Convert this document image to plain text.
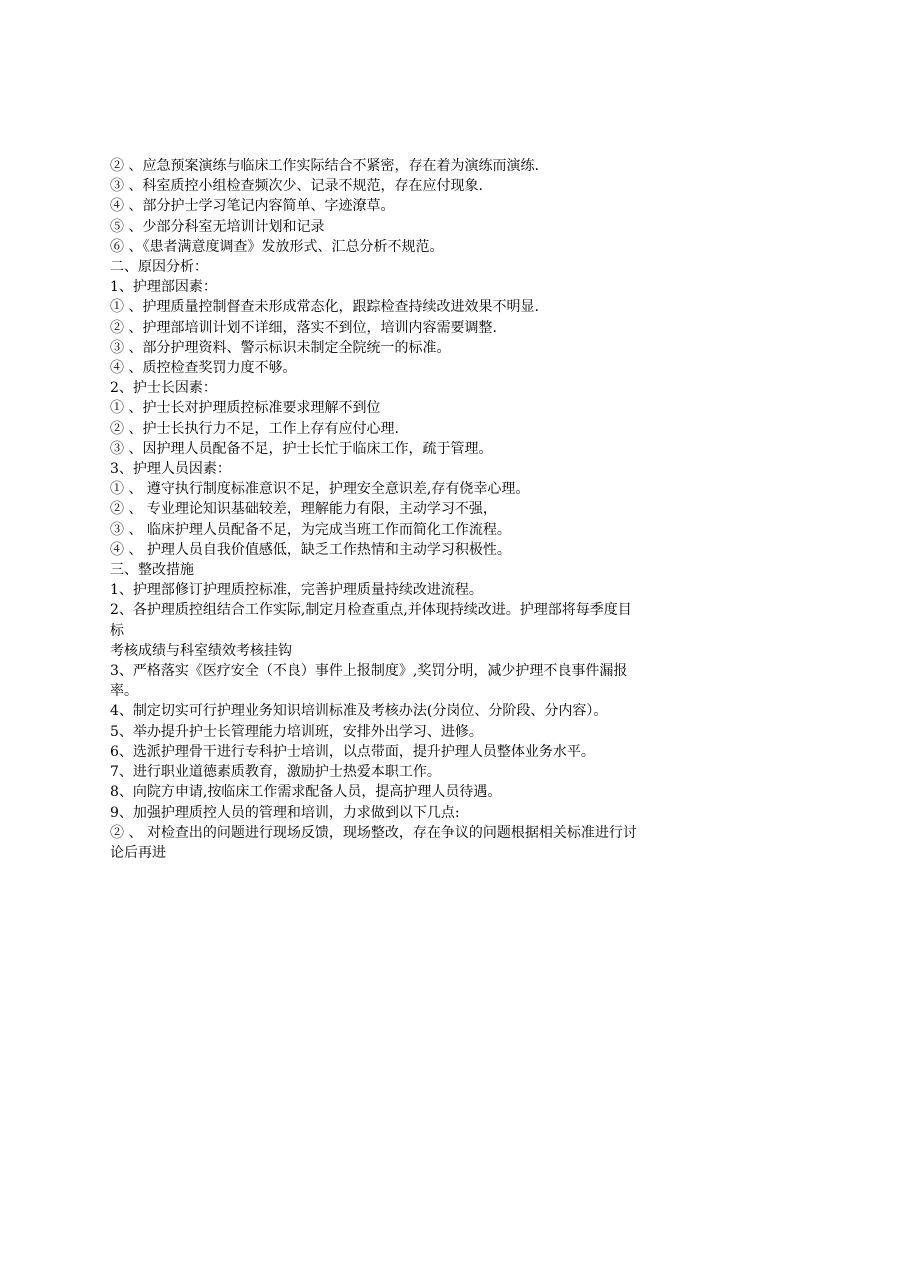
② 、应急预案演练与临床工作实际结合不紧密，存在着为演练而演练.

③ 、科室质控小组检查频次少、记录不规范，存在应付现象.

④ 、部分护士学习笔记内容简单、字迹潦草。

⑤ 、少部分科室无培训计划和记录

⑥ 、《患者满意度调查》发放形式、汇总分析不规范。

二、原因分析：

1、护理部因素：

① 、护理质量控制督查未形成常态化，跟踪检查持续改进效果不明显.

② 、护理部培训计划不详细，落实不到位，培训内容需要调整.

③ 、部分护理资料、警示标识未制定全院统一的标准。

④ 、质控检查奖罚力度不够。

2、护士长因素：

① 、护士长对护理质控标准要求理解不到位

② 、护士长执行力不足，工作上存有应付心理.

③ 、因护理人员配备不足，护士长忙于临床工作，疏于管理。

3、护理人员因素：

① 、 遵守执行制度标准意识不足，护理安全意识差,存有侥幸心理。

② 、 专业理论知识基础较差，理解能力有限，主动学习不强，

③ 、 临床护理人员配备不足，为完成当班工作而简化工作流程。

④ 、 护理人员自我价值感低，缺乏工作热情和主动学习积极性。

三、整改措施

1、护理部修订护理质控标准，完善护理质量持续改进流程。

2、各护理质控组结合工作实际,制定月检查重点,并体现持续改进。护理部将每季度目

标

考核成绩与科室绩效考核挂钩

3、严格落实《医疗安全（不良）事件上报制度》,奖罚分明，减少护理不良事件漏报

率。

4、制定切实可行护理业务知识培训标准及考核办法(分岗位、分阶段、分内容）。

5、举办提升护士长管理能力培训班，安排外出学习、进修。

6、选派护理骨干进行专科护士培训，以点带面，提升护理人员整体业务水平。

7、进行职业道德素质教育，激励护士热爱本职工作。

8、向院方申请,按临床工作需求配备人员，提高护理人员待遇。

9、加强护理质控人员的管理和培训，力求做到以下几点:

② 、 对检查出的问题进行现场反馈，现场整改，存在争议的问题根据相关标准进行讨

论后再进
